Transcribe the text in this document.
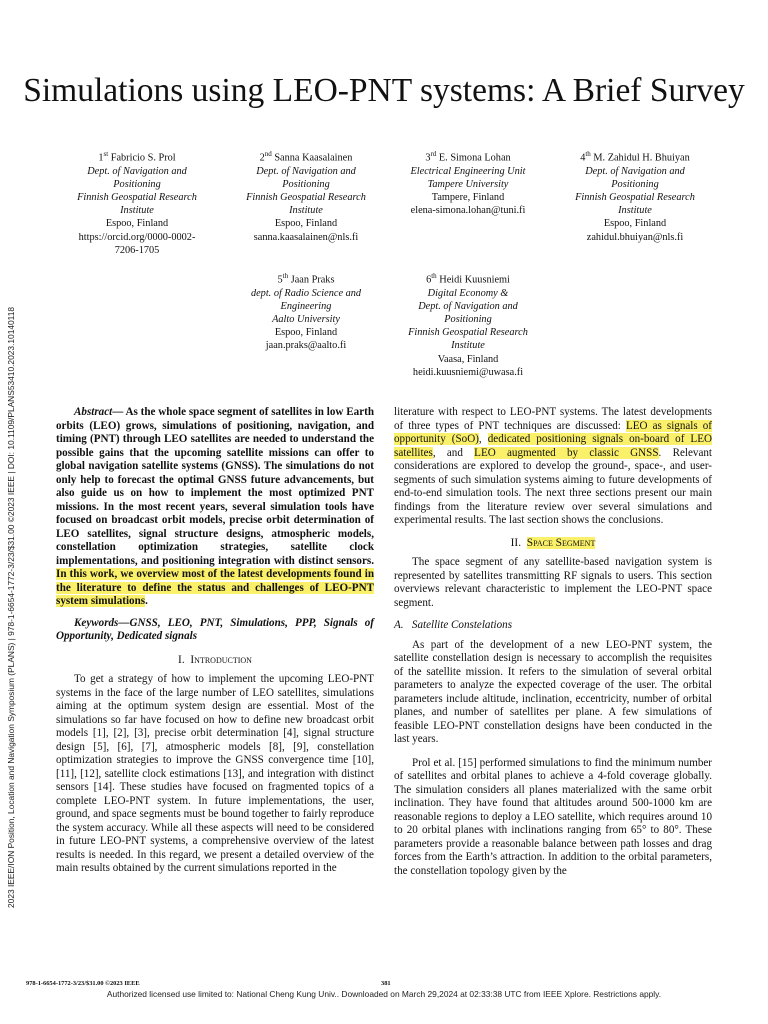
2023 IEEE/ION Position, Location and Navigation Symposium (PLANS) | 978-1-6654-1772-3/23/$31.00 ©2023 IEEE | DOI: 10.1109/PLANS53410.2023.10140118
Simulations using LEO-PNT systems: A Brief Survey
1st Fabricio S. Prol
Dept. of Navigation and
Positioning
Finnish Geospatial Research
Institute
Espoo, Finland
https://orcid.org/0000-0002-
7206-1705
2nd Sanna Kaasalainen
Dept. of Navigation and
Positioning
Finnish Geospatial Research
Institute
Espoo, Finland
sanna.kaasalainen@nls.fi
3rd E. Simona Lohan
Electrical Engineering Unit
Tampere University
Tampere, Finland
elena-simona.lohan@tuni.fi
4th M. Zahidul H. Bhuiyan
Dept. of Navigation and
Positioning
Finnish Geospatial Research
Institute
Espoo, Finland
zahidul.bhuiyan@nls.fi
5th Jaan Praks
dept. of Radio Science and
Engineering
Aalto University
Espoo, Finland
jaan.praks@aalto.fi
6th Heidi Kuusniemi
Digital Economy &
Dept. of Navigation and
Positioning
Finnish Geospatial Research
Institute
Vaasa, Finland
heidi.kuusniemi@uwasa.fi

Abstract— As the whole space segment of satellites in low Earth orbits (LEO) grows, simulations of positioning, navigation, and timing (PNT) through LEO satellites are needed to understand the possible gains that the upcoming satellite missions can offer to global navigation satellite systems (GNSS). The simulations do not only help to forecast the optimal GNSS future advancements, but also guide us on how to implement the most optimized PNT missions. In the most recent years, several simulation tools have focused on broadcast orbit models, precise orbit determination of LEO satellites, signal structure designs, atmospheric models, constellation optimization strategies, satellite clock implementations, and positioning integration with distinct sensors. In this work, we overview most of the latest developments found in the literature to define the status and challenges of LEO-PNT system simulations.

Keywords—GNSS, LEO, PNT, Simulations, PPP, Signals of Opportunity, Dedicated signals

I. Introduction

To get a strategy of how to implement the upcoming LEO-PNT systems in the face of the large number of LEO satellites, simulations aiming at the optimum system design are essential. Most of the simulations so far have focused on how to define new broadcast orbit models [1], [2], [3], precise orbit determination [4], signal structure design [5], [6], [7], atmospheric models [8], [9], constellation optimization strategies to improve the GNSS convergence time [10], [11], [12], satellite clock estimations [13], and integration with distinct sensors [14]. These studies have focused on fragmented topics of a complete LEO-PNT system. In future implementations, the user, ground, and space segments must be bound together to fairly reproduce the system accuracy. While all these aspects will need to be considered in future LEO-PNT systems, a comprehensive overview of the latest results is needed. In this regard, we present a detailed overview of the main results obtained by the current simulations reported in the

literature with respect to LEO-PNT systems. The latest developments of three types of PNT techniques are discussed: LEO as signals of opportunity (SoO), dedicated positioning signals on-board of LEO satellites, and LEO augmented by classic GNSS. Relevant considerations are explored to develop the ground-, space-, and user-segments of such simulation systems aiming to future developments of end-to-end simulation tools. The next three sections present our main findings from the literature review over several simulations and experimental results. The last section shows the conclusions.

II. Space Segment

The space segment of any satellite-based navigation system is represented by satellites transmitting RF signals to users. This section overviews relevant characteristic to implement the LEO-PNT space segment.

A. Satellite Constelations

As part of the development of a new LEO-PNT system, the satellite constellation design is necessary to accomplish the requisites of the satellite mission. It refers to the simulation of several orbital parameters to analyze the expected coverage of the user. The orbital parameters include altitude, inclination, eccentricity, number of orbital planes, and number of satellites per plane. A few simulations of feasible LEO-PNT constellation designs have been conducted in the last years.

Prol et al. [15] performed simulations to find the minimum number of satellites and orbital planes to achieve a 4-fold coverage globally. The simulation considers all planes materialized with the same orbit inclination. They have found that altitudes around 500-1000 km are reasonable regions to deploy a LEO satellite, which requires around 10 to 20 orbital planes with inclinations ranging from 65° to 80°. These parameters provide a reasonable balance between path losses and drag forces from the Earth’s attraction. In addition to the orbital parameters, the constellation topology given by the

978-1-6654-1772-3/23/$31.00 ©2023 IEEE	381
Authorized licensed use limited to: National Cheng Kung Univ.. Downloaded on March 29,2024 at 02:33:38 UTC from IEEE Xplore. Restrictions apply.
